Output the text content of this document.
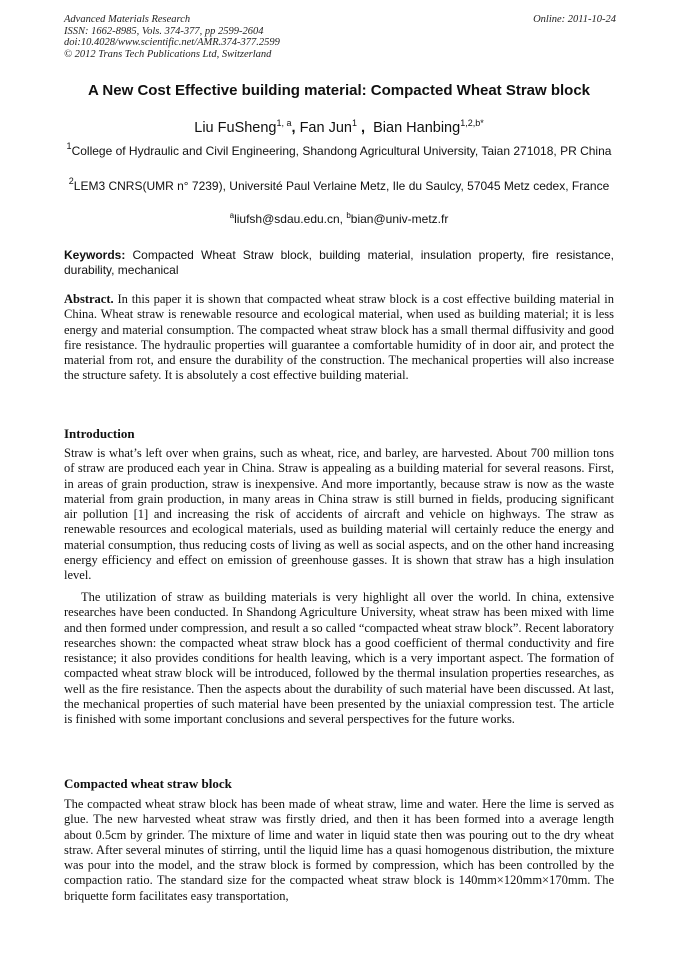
Advanced Materials Research
ISSN: 1662-8985, Vols. 374-377, pp 2599-2604
doi:10.4028/www.scientific.net/AMR.374-377.2599
© 2012 Trans Tech Publications Ltd, Switzerland
Online: 2011-10-24
A New Cost Effective building material: Compacted Wheat Straw block
Liu FuSheng$^{1, a}$, Fan Jun$^1$ ,  Bian Hanbing$^{1,2,b*}$
$^1$College of Hydraulic and Civil Engineering, Shandong Agricultural University, Taian 271018, PR China
$^2$LEM3 CNRS(UMR n° 7239), Université Paul Verlaine Metz, Ile du Saulcy, 57045 Metz cedex, France
$^a$liufsh@sdau.edu.cn, $^b$bian@univ-metz.fr
Keywords: Compacted Wheat Straw block, building material, insulation property, fire resistance, durability, mechanical
Abstract. In this paper it is shown that compacted wheat straw block is a cost effective building material in China. Wheat straw is renewable resource and ecological material, when used as building material; it is less energy and material consumption. The compacted wheat straw block has a small thermal diffusivity and good fire resistance. The hydraulic properties will guarantee a comfortable humidity of in door air, and protect the material from rot, and ensure the durability of the construction. The mechanical properties will also increase the structure safety. It is absolutely a cost effective building material.
Introduction
Straw is what’s left over when grains, such as wheat, rice, and barley, are harvested. About 700 million tons of straw are produced each year in China. Straw is appealing as a building material for several reasons. First, in areas of grain production, straw is inexpensive. And more importantly, because straw is now as the waste material from grain production, in many areas in China straw is still burned in fields, producing significant air pollution [1] and increasing the risk of accidents of aircraft and vehicle on highways. The straw as renewable resources and ecological materials, used as building material will certainly reduce the energy and material consumption, thus reducing costs of living as well as social aspects, and on the other hand increasing energy efficiency and effect on emission of greenhouse gasses. It is shown that straw has a high insulation level.
The utilization of straw as building materials is very highlight all over the world. In china, extensive researches have been conducted. In Shandong Agriculture University, wheat straw has been mixed with lime and then formed under compression, and result a so called “compacted wheat straw block”. Recent laboratory researches shown: the compacted wheat straw block has a good coefficient of thermal conductivity and fire resistance; it also provides conditions for health leaving, which is a very important aspect. The formation of compacted wheat straw block will be introduced, followed by the thermal insulation properties researches, as well as the fire resistance. Then the aspects about the durability of such material have been discussed. At last, the mechanical properties of such material have been presented by the uniaxial compression test. The article is finished with some important conclusions and several perspectives for the future works.
Compacted wheat straw block
The compacted wheat straw block has been made of wheat straw, lime and water. Here the lime is served as glue. The new harvested wheat straw was firstly dried, and then it has been formed into a average length about 0.5cm by grinder. The mixture of lime and water in liquid state then was pouring out to the dry wheat straw. After several minutes of stirring, until the liquid lime has a quasi homogenous distribution, the mixture was pour into the model, and the straw block is formed by compression, which has been controlled by the compaction ratio. The standard size for the compacted wheat straw block is 140mm×120mm×170mm. The briquette form facilitates easy transportation,
